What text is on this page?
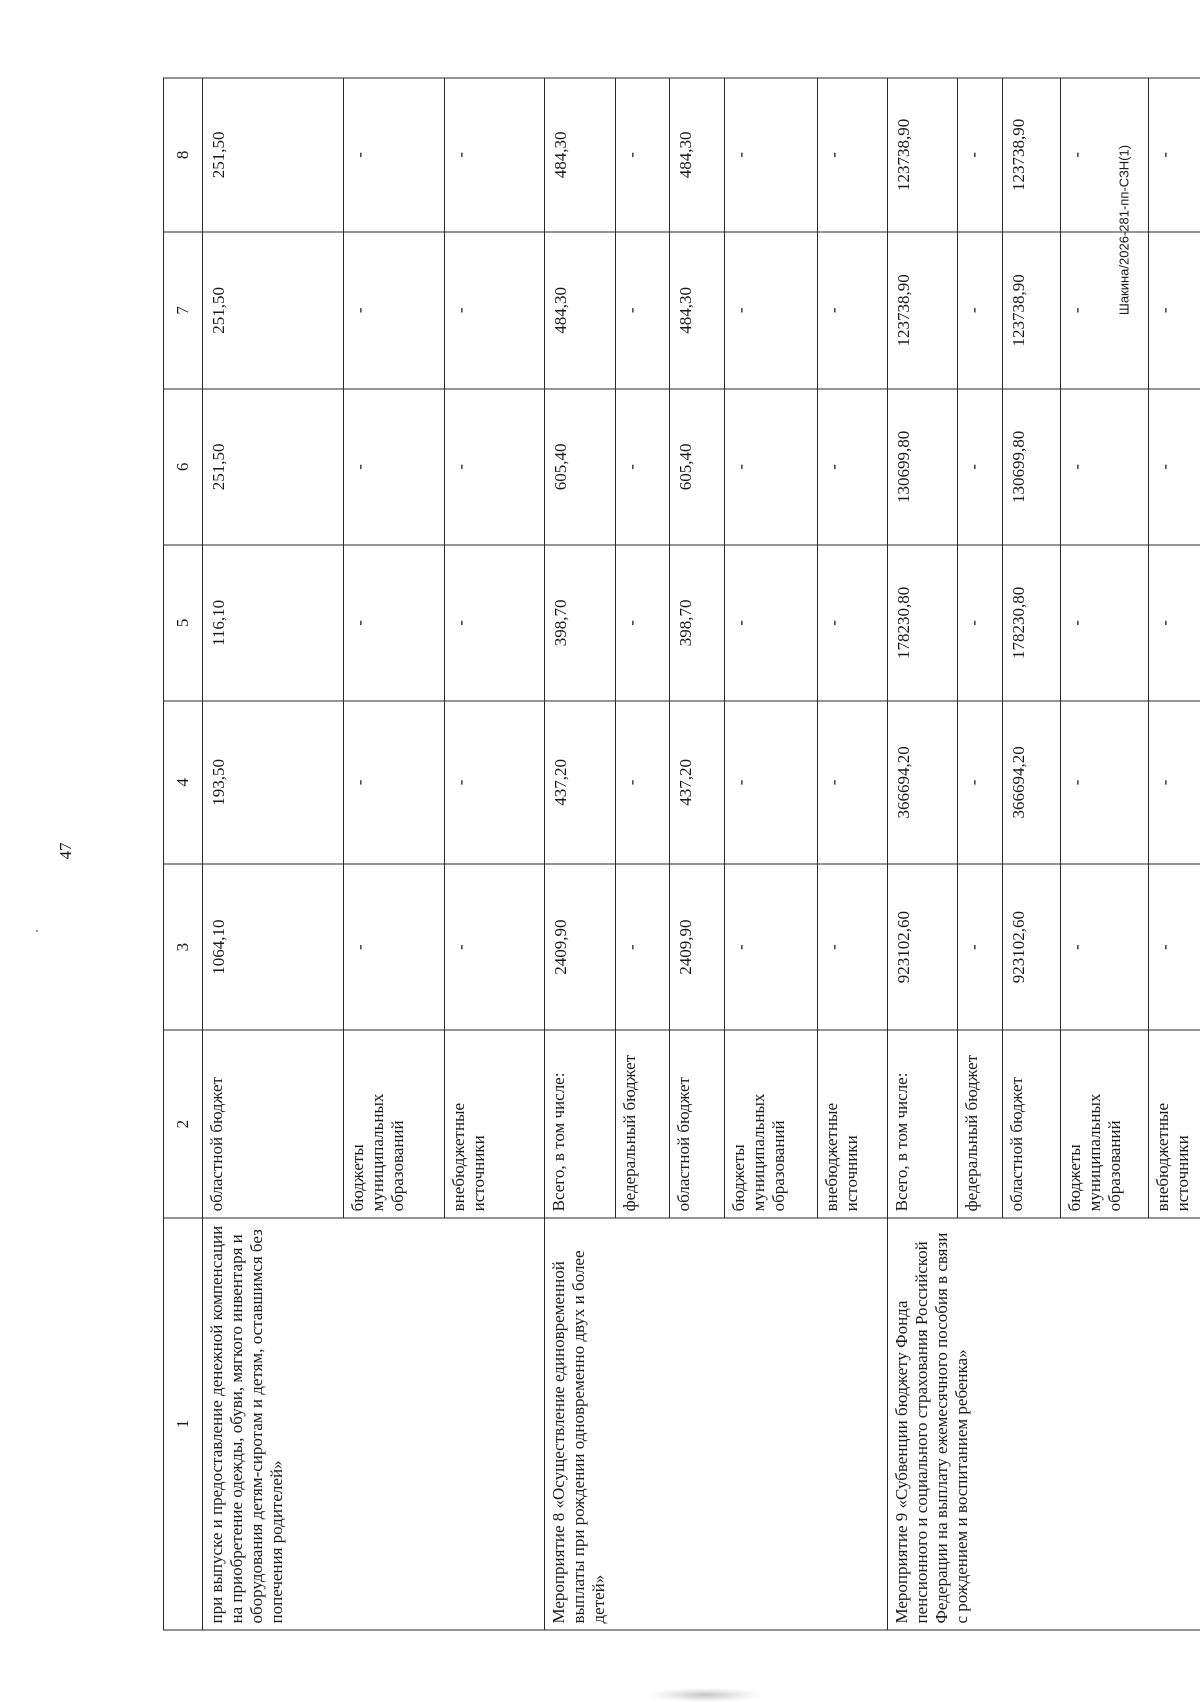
47
Шакина/2026-281-пп-СЗН(1)
1	2	3	4	5	6	7	8
при выпуске и предоставление денежной компенсации на приобретение одежды, обуви, мягкого инвентаря и оборудования детям-сиротам и детям, оставшимся без попечения родителей»	областной бюджет	1064,10	193,50	116,10	251,50	251,50	251,50
	бюджеты муниципальных образований	-	-	-	-	-	-
	внебюджетные источники	-	-	-	-	-	-
Мероприятие 8 «Осуществление единовременной выплаты при рождении одновременно двух и более детей»	Всего, в том числе:	2409,90	437,20	398,70	605,40	484,30	484,30
	федеральный бюджет	-	-	-	-	-	-
	областной бюджет	2409,90	437,20	398,70	605,40	484,30	484,30
	бюджеты муниципальных образований	-	-	-	-	-	-
	внебюджетные источники	-	-	-	-	-	-
Мероприятие 9 «Субвенции бюджету Фонда пенсионного и социального страхования Российской Федерации на выплату ежемесячного пособия в связи с рождением и воспитанием ребенка»	Всего, в том числе:	923102,60	366694,20	178230,80	130699,80	123738,90	123738,90
	федеральный бюджет	-	-	-	-	-	-
	областной бюджет	923102,60	366694,20	178230,80	130699,80	123738,90	123738,90
	бюджеты муниципальных образований	-	-	-	-	-	-
	внебюджетные источники	-	-	-	-	-	-
